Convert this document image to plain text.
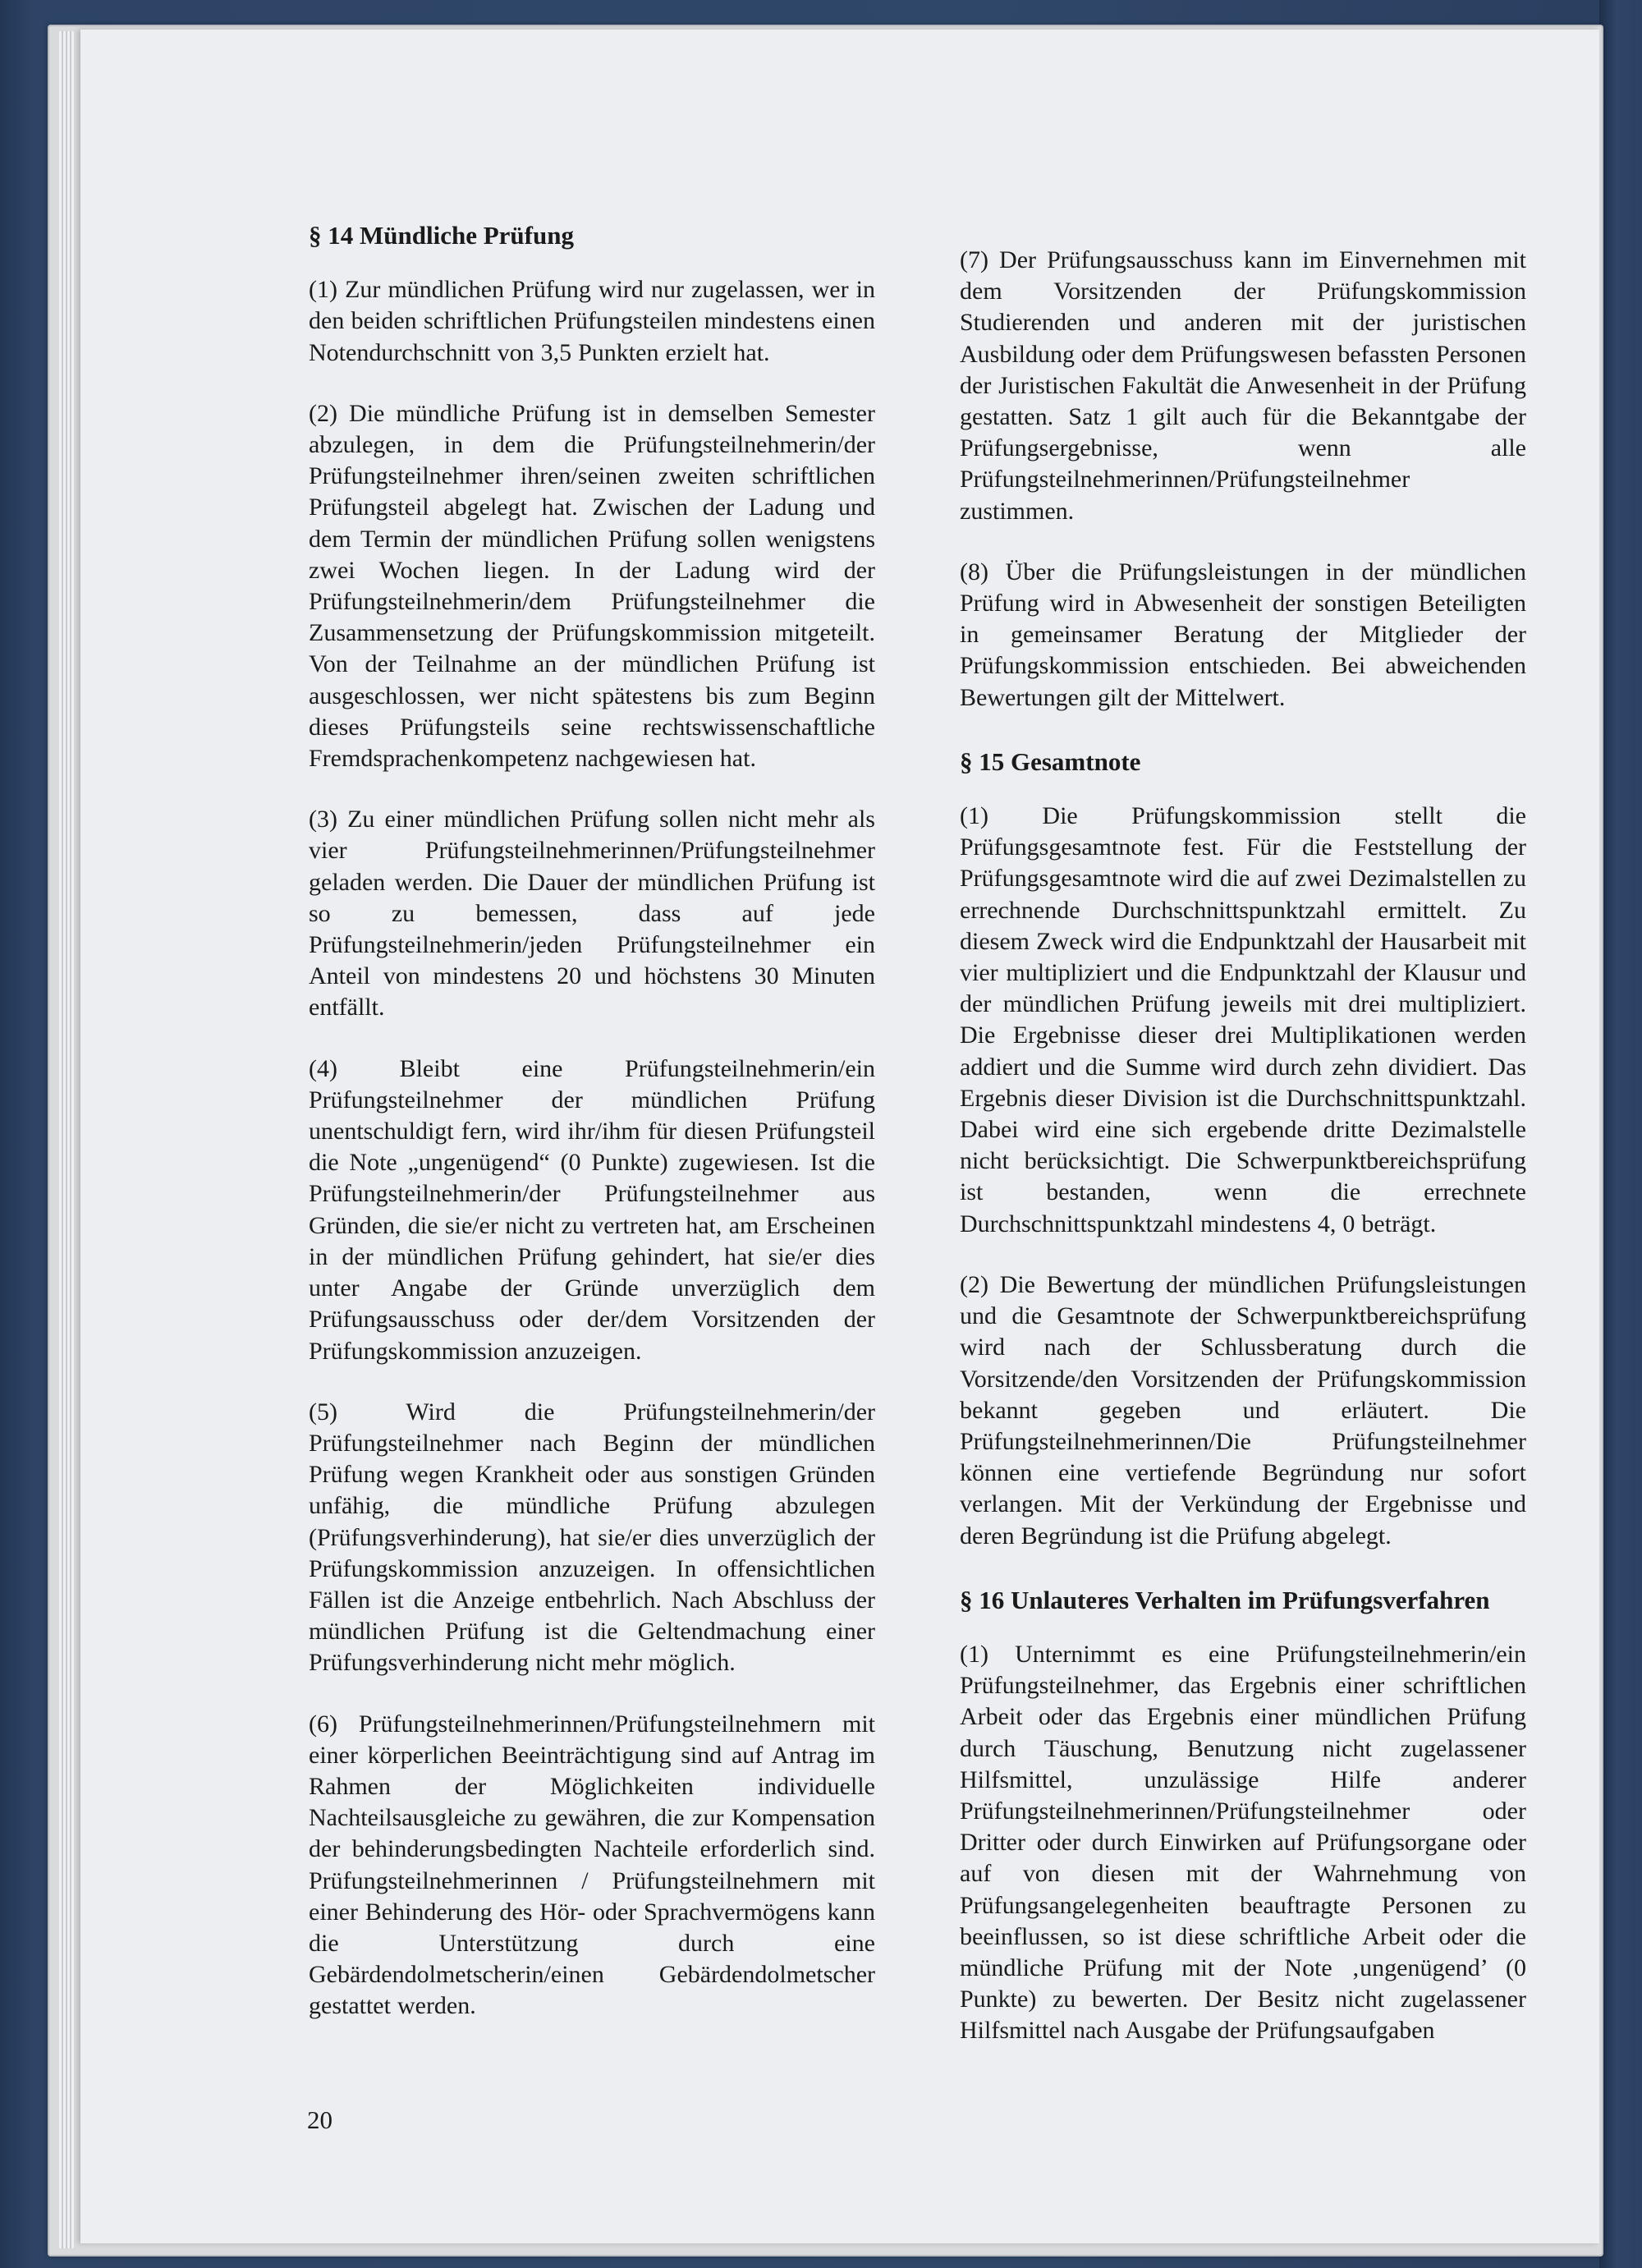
§ 14 Mündliche Prüfung

(1) Zur mündlichen Prüfung wird nur zugelassen, wer in den beiden schriftlichen Prüfungsteilen mindestens einen Notendurchschnitt von 3,5 Punkten erzielt hat.

(2) Die mündliche Prüfung ist in demselben Semester abzulegen, in dem die Prüfungsteilnehmerin/der Prüfungsteilnehmer ihren/seinen zweiten schriftlichen Prüfungsteil abgelegt hat. Zwischen der Ladung und dem Termin der mündlichen Prüfung sollen wenigstens zwei Wochen liegen. In der Ladung wird der Prüfungsteilnehmerin/dem Prüfungsteilnehmer die Zusammensetzung der Prüfungskommission mitgeteilt. Von der Teilnahme an der mündlichen Prüfung ist ausgeschlossen, wer nicht spätestens bis zum Beginn dieses Prüfungsteils seine rechtswissenschaftliche Fremdsprachenkompetenz nachgewiesen hat.

(3) Zu einer mündlichen Prüfung sollen nicht mehr als vier Prüfungsteilnehmerinnen/Prüfungsteilnehmer geladen werden. Die Dauer der mündlichen Prüfung ist so zu bemessen, dass auf jede Prüfungsteilnehmerin/jeden Prüfungsteilnehmer ein Anteil von mindestens 20 und höchstens 30 Minuten entfällt.

(4) Bleibt eine Prüfungsteilnehmerin/ein Prüfungsteilnehmer der mündlichen Prüfung unentschuldigt fern, wird ihr/ihm für diesen Prüfungsteil die Note „ungenügend“ (0 Punkte) zugewiesen. Ist die Prüfungsteilnehmerin/der Prüfungsteilnehmer aus Gründen, die sie/er nicht zu vertreten hat, am Erscheinen in der mündlichen Prüfung gehindert, hat sie/er dies unter Angabe der Gründe unverzüglich dem Prüfungsausschuss oder der/dem Vorsitzenden der Prüfungskommission anzuzeigen.

(5) Wird die Prüfungsteilnehmerin/der Prüfungsteilnehmer nach Beginn der mündlichen Prüfung wegen Krankheit oder aus sonstigen Gründen unfähig, die mündliche Prüfung abzulegen (Prüfungsverhinderung), hat sie/er dies unverzüglich der Prüfungskommission anzuzeigen. In offensichtlichen Fällen ist die Anzeige entbehrlich. Nach Abschluss der mündlichen Prüfung ist die Geltendmachung einer Prüfungsverhinderung nicht mehr möglich.

(6) Prüfungsteilnehmerinnen/Prüfungsteilnehmern mit einer körperlichen Beeinträchtigung sind auf Antrag im Rahmen der Möglichkeiten individuelle Nachteilsausgleiche zu gewähren, die zur Kompensation der behinderungsbedingten Nachteile erforderlich sind. Prüfungsteilnehmerinnen / Prüfungsteilnehmern mit einer Behinderung des Hör- oder Sprachvermögens kann die Unterstützung durch eine Gebärdendolmetscherin/einen Gebärdendolmetscher gestattet werden.

(7) Der Prüfungsausschuss kann im Einvernehmen mit dem Vorsitzenden der Prüfungskommission Studierenden und anderen mit der juristischen Ausbildung oder dem Prüfungswesen befassten Personen der Juristischen Fakultät die Anwesenheit in der Prüfung gestatten. Satz 1 gilt auch für die Bekanntgabe der Prüfungsergebnisse, wenn alle Prüfungsteilnehmerinnen/Prüfungsteilnehmer zustimmen.

(8) Über die Prüfungsleistungen in der mündlichen Prüfung wird in Abwesenheit der sonstigen Beteiligten in gemeinsamer Beratung der Mitglieder der Prüfungskommission entschieden. Bei abweichenden Bewertungen gilt der Mittelwert.

§ 15 Gesamtnote

(1) Die Prüfungskommission stellt die Prüfungsgesamtnote fest. Für die Feststellung der Prüfungsgesamtnote wird die auf zwei Dezimalstellen zu errechnende Durchschnittspunktzahl ermittelt. Zu diesem Zweck wird die Endpunktzahl der Hausarbeit mit vier multipliziert und die Endpunktzahl der Klausur und der mündlichen Prüfung jeweils mit drei multipliziert. Die Ergebnisse dieser drei Multiplikationen werden addiert und die Summe wird durch zehn dividiert. Das Ergebnis dieser Division ist die Durchschnittspunktzahl. Dabei wird eine sich ergebende dritte Dezimalstelle nicht berücksichtigt. Die Schwerpunktbereichsprüfung ist bestanden, wenn die errechnete Durchschnittspunktzahl mindestens 4, 0 beträgt.

(2) Die Bewertung der mündlichen Prüfungsleistungen und die Gesamtnote der Schwerpunktbereichsprüfung wird nach der Schlussberatung durch die Vorsitzende/den Vorsitzenden der Prüfungskommission bekannt gegeben und erläutert. Die Prüfungsteilnehmerinnen/Die Prüfungsteilnehmer können eine vertiefende Begründung nur sofort verlangen. Mit der Verkündung der Ergebnisse und deren Begründung ist die Prüfung abgelegt.

§ 16 Unlauteres Verhalten im Prüfungsverfahren

(1) Unternimmt es eine Prüfungsteilnehmerin/ein Prüfungsteilnehmer, das Ergebnis einer schriftlichen Arbeit oder das Ergebnis einer mündlichen Prüfung durch Täuschung, Benutzung nicht zugelassener Hilfsmittel, unzulässige Hilfe anderer Prüfungsteilnehmerinnen/Prüfungsteilnehmer oder Dritter oder durch Einwirken auf Prüfungsorgane oder auf von diesen mit der Wahrnehmung von Prüfungsangelegenheiten beauftragte Personen zu beeinflussen, so ist diese schriftliche Arbeit oder die mündliche Prüfung mit der Note ‚ungenügend’ (0 Punkte) zu bewerten. Der Besitz nicht zugelassener Hilfsmittel nach Ausgabe der Prüfungsaufgaben

20
